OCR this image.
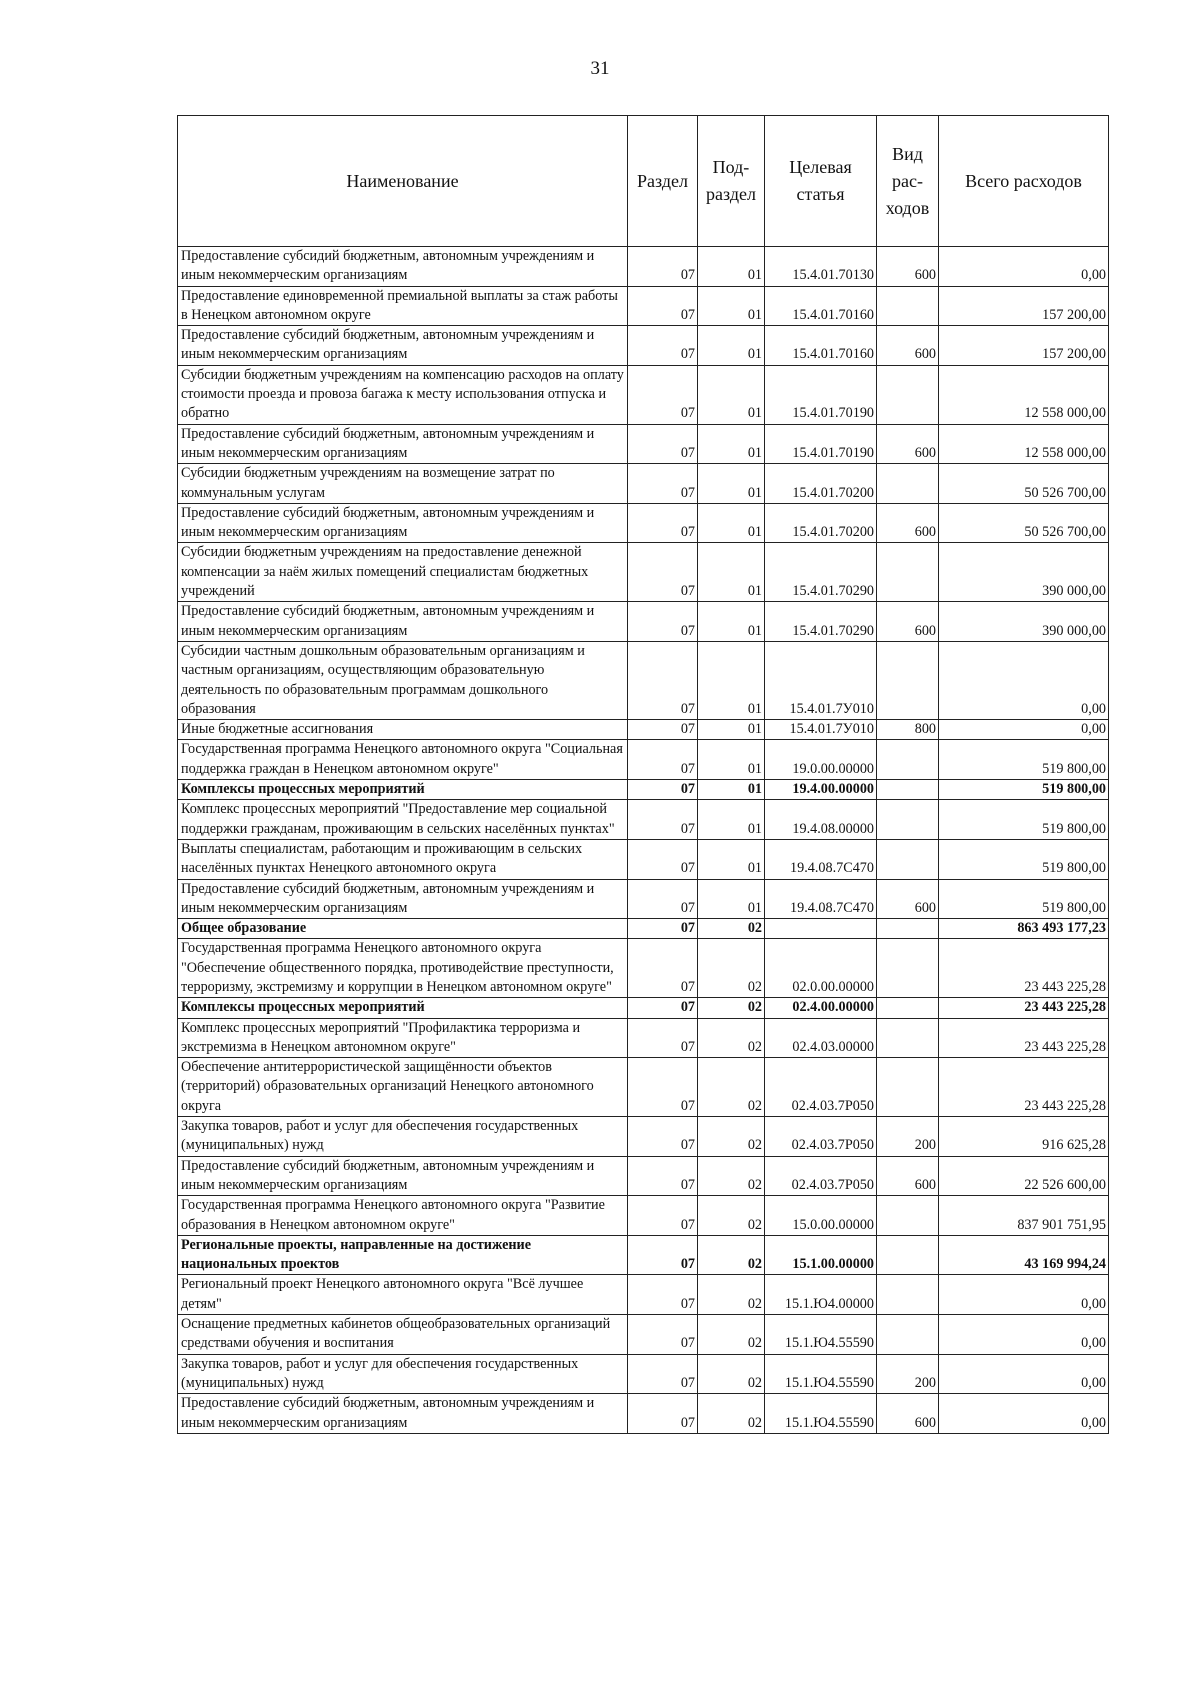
31
Наименование	Раздел	Под-раздел	Целевая статья	Вид рас-ходов	Всего расходов
Предоставление субсидий бюджетным, автономным учреждениям и иным некоммерческим организациям	07	01	15.4.01.70130	600	0,00
Предоставление единовременной премиальной выплаты за стаж работы в Ненецком автономном округе	07	01	15.4.01.70160		157 200,00
Предоставление субсидий бюджетным, автономным учреждениям и иным некоммерческим организациям	07	01	15.4.01.70160	600	157 200,00
Субсидии бюджетным учреждениям на компенсацию расходов на оплату стоимости проезда и провоза багажа к месту использования отпуска и обратно	07	01	15.4.01.70190		12 558 000,00
Предоставление субсидий бюджетным, автономным учреждениям и иным некоммерческим организациям	07	01	15.4.01.70190	600	12 558 000,00
Субсидии бюджетным учреждениям на возмещение затрат по коммунальным услугам	07	01	15.4.01.70200		50 526 700,00
Предоставление субсидий бюджетным, автономным учреждениям и иным некоммерческим организациям	07	01	15.4.01.70200	600	50 526 700,00
Субсидии бюджетным учреждениям на предоставление денежной компенсации за наём жилых помещений специалистам бюджетных учреждений	07	01	15.4.01.70290		390 000,00
Предоставление субсидий бюджетным, автономным учреждениям и иным некоммерческим организациям	07	01	15.4.01.70290	600	390 000,00
Субсидии частным дошкольным образовательным организациям и частным организациям, осуществляющим образовательную деятельность по образовательным программам дошкольного образования	07	01	15.4.01.7У010		0,00
Иные бюджетные ассигнования	07	01	15.4.01.7У010	800	0,00
Государственная программа Ненецкого автономного округа "Социальная поддержка граждан в Ненецком автономном округе"	07	01	19.0.00.00000		519 800,00
Комплексы процессных мероприятий	07	01	19.4.00.00000		519 800,00
Комплекс процессных мероприятий "Предоставление мер социальной поддержки гражданам, проживающим в сельских населённых пунктах"	07	01	19.4.08.00000		519 800,00
Выплаты специалистам, работающим и проживающим в сельских населённых пунктах Ненецкого автономного округа	07	01	19.4.08.7С470		519 800,00
Предоставление субсидий бюджетным, автономным учреждениям и иным некоммерческим организациям	07	01	19.4.08.7С470	600	519 800,00
Общее образование	07	02			863 493 177,23
Государственная программа Ненецкого автономного округа "Обеспечение общественного порядка, противодействие преступности, терроризму, экстремизму и коррупции в Ненецком автономном округе"	07	02	02.0.00.00000		23 443 225,28
Комплексы процессных мероприятий	07	02	02.4.00.00000		23 443 225,28
Комплекс процессных мероприятий "Профилактика терроризма и экстремизма в Ненецком автономном округе"	07	02	02.4.03.00000		23 443 225,28
Обеспечение антитеррористической защищённости объектов (территорий) образовательных организаций Ненецкого автономного округа	07	02	02.4.03.7Р050		23 443 225,28
Закупка товаров, работ и услуг для обеспечения государственных (муниципальных) нужд	07	02	02.4.03.7Р050	200	916 625,28
Предоставление субсидий бюджетным, автономным учреждениям и иным некоммерческим организациям	07	02	02.4.03.7Р050	600	22 526 600,00
Государственная программа Ненецкого автономного округа "Развитие образования в Ненецком автономном округе"	07	02	15.0.00.00000		837 901 751,95
Региональные проекты, направленные на достижение национальных проектов	07	02	15.1.00.00000		43 169 994,24
Региональный проект Ненецкого автономного округа "Всё лучшее детям"	07	02	15.1.Ю4.00000		0,00
Оснащение предметных кабинетов общеобразовательных организаций средствами обучения и воспитания	07	02	15.1.Ю4.55590		0,00
Закупка товаров, работ и услуг для обеспечения государственных (муниципальных) нужд	07	02	15.1.Ю4.55590	200	0,00
Предоставление субсидий бюджетным, автономным учреждениям и иным некоммерческим организациям	07	02	15.1.Ю4.55590	600	0,00
